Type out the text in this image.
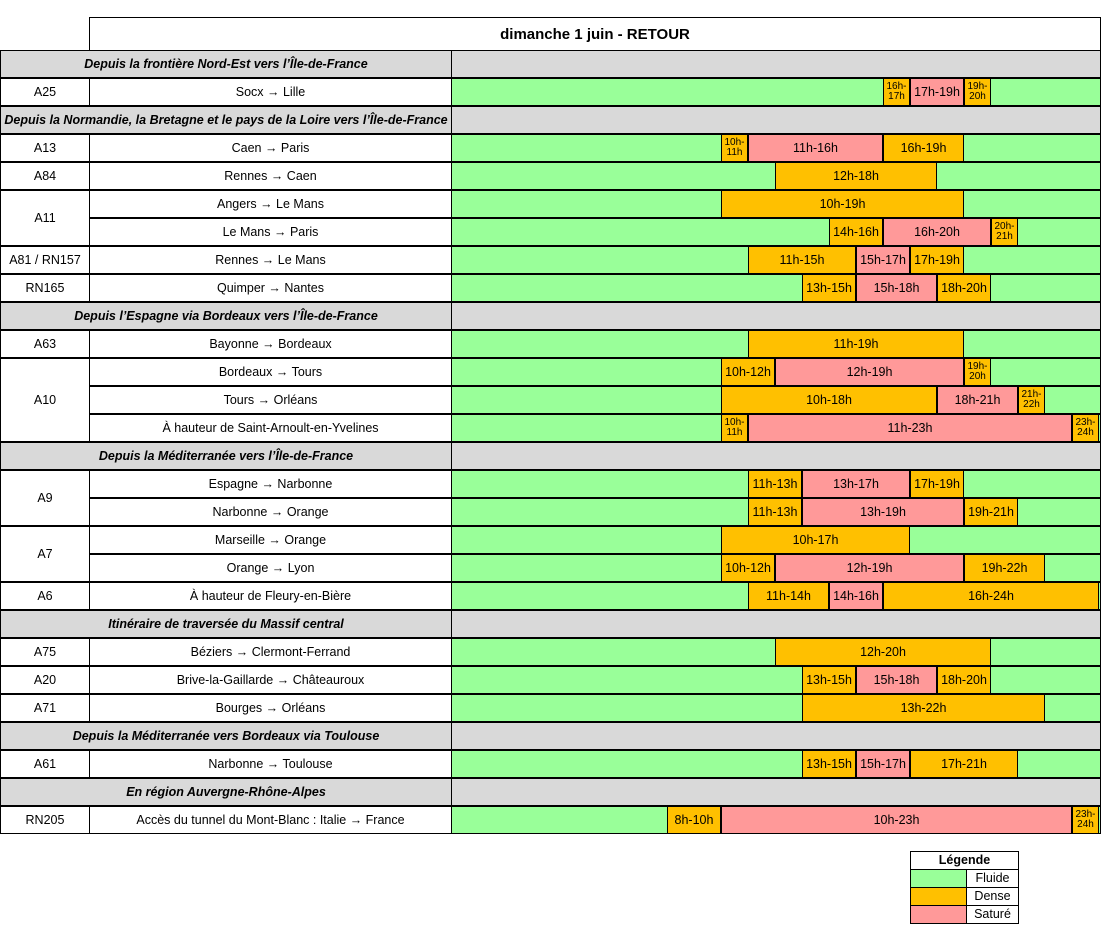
Depuis la frontière Nord-Est vers l’Île-de-France
A25	Socx → Lille	16h-17h 17h-19h 19h-20h
Depuis la Normandie, la Bretagne et le pays de la Loire vers l’Île-de-France
A13	Caen → Paris	10h-11h	11h-16h	16h-19h
A84	Rennes → Caen	12h-18h
A11
Angers → Le Mans	10h-19h
Le Mans → Paris	14h-16h	16h-20h	20h-21h
A81 / RN157	Rennes → Le Mans	11h-15h	15h-17h 17h-19h
RN165	Quimper → Nantes	13h-15h	15h-18h	18h-20h
Depuis l’Espagne via Bordeaux vers l’Île-de-France
A63	Bayonne → Bordeaux	11h-19h
A10
Bordeaux → Tours	10h-12h	12h-19h	19h-20h
Tours → Orléans	10h-18h	18h-21h	21h-22h
À hauteur de Saint-Arnoult-en-Yvelines	10h-11h	11h-23h	23h-24h
Depuis la Méditerranée vers l’Île-de-France
A9
Espagne → Narbonne	11h-13h	13h-17h	17h-19h
Narbonne → Orange	11h-13h	13h-19h	19h-21h
A7
Marseille → Orange	10h-17h
Orange → Lyon	10h-12h	12h-19h	19h-22h
A6	À hauteur de Fleury-en-Bière	11h-14h	14h-16h	16h-24h
Itinéraire de traversée du Massif central
A75	Béziers → Clermont-Ferrand	12h-20h
A20	Brive-la-Gaillarde → Châteauroux	13h-15h	15h-18h	18h-20h
A71	Bourges → Orléans	13h-22h
Depuis la Méditerranée vers Bordeaux via Toulouse
A61	Narbonne → Toulouse	13h-15h 15h-17h	17h-21h
En région Auvergne-Rhône-Alpes
RN205	Accès du tunnel du Mont-Blanc : Italie → France	8h-10h	10h-23h	23h-24h
dimanche 1 juin - RETOUR
Légende
Fluide
Dense
Saturé
